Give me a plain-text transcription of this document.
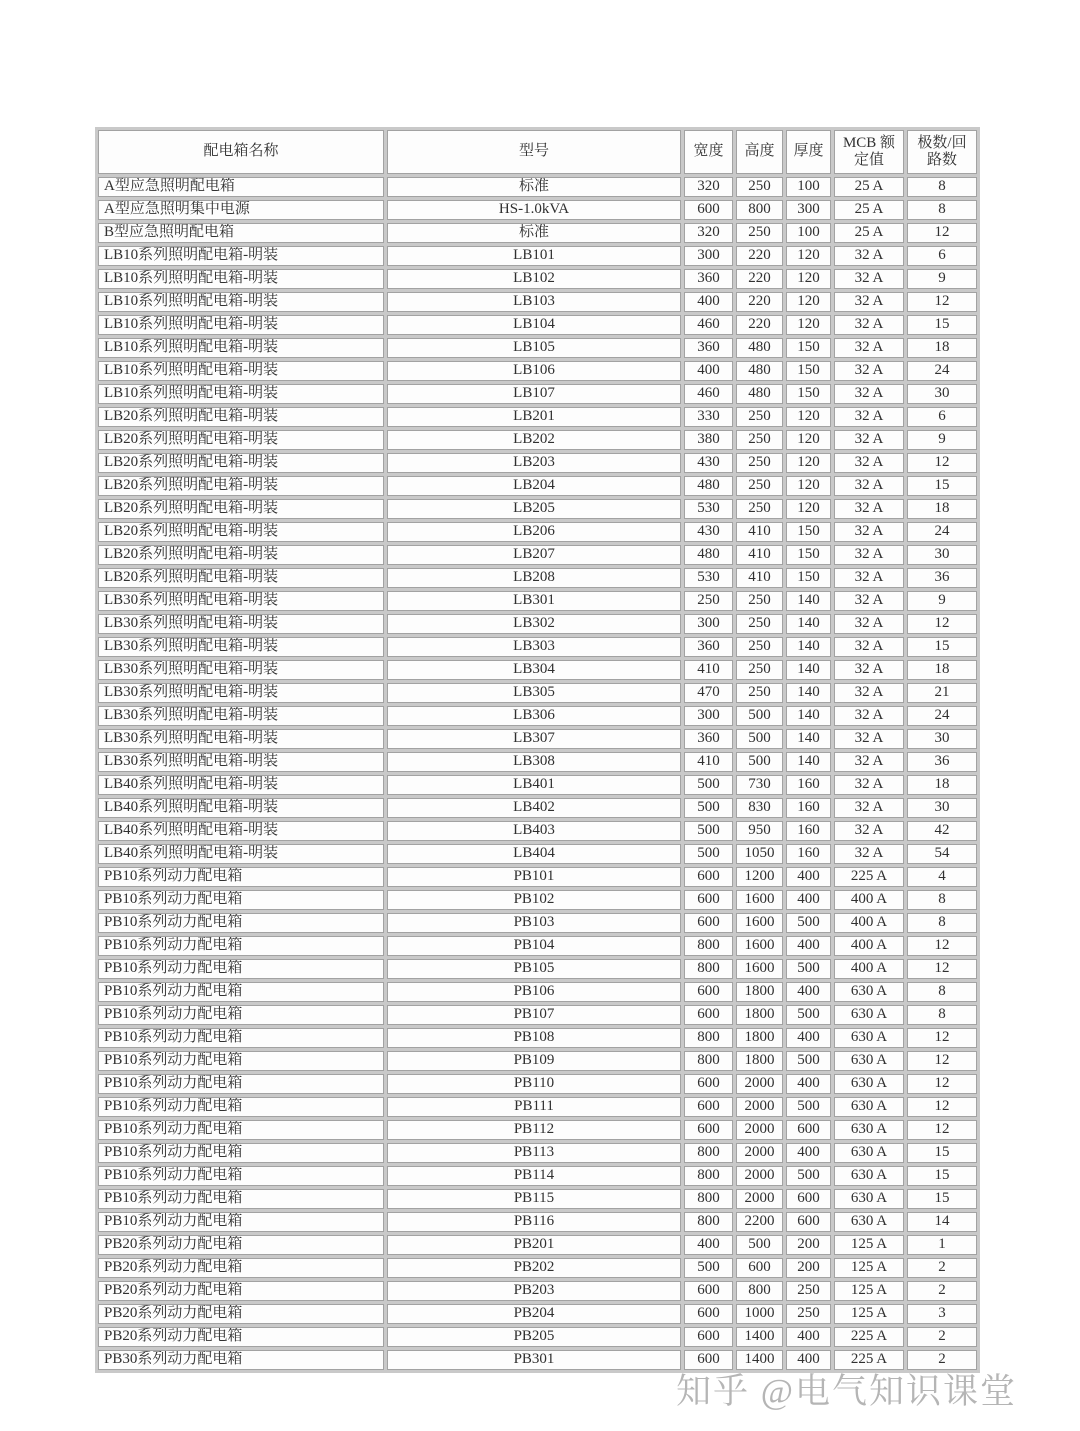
配电箱名称	型号	宽度	高度	厚度	MCB 额定值	极数/回路数
A型应急照明配电箱	标准	320	250	100	25 A	8
A型应急照明集中电源	HS-1.0kVA	600	800	300	25 A	8
B型应急照明配电箱	标准	320	250	100	25 A	12
LB10系列照明配电箱-明装	LB101	300	220	120	32 A	6
LB10系列照明配电箱-明装	LB102	360	220	120	32 A	9
LB10系列照明配电箱-明装	LB103	400	220	120	32 A	12
LB10系列照明配电箱-明装	LB104	460	220	120	32 A	15
LB10系列照明配电箱-明装	LB105	360	480	150	32 A	18
LB10系列照明配电箱-明装	LB106	400	480	150	32 A	24
LB10系列照明配电箱-明装	LB107	460	480	150	32 A	30
LB20系列照明配电箱-明装	LB201	330	250	120	32 A	6
LB20系列照明配电箱-明装	LB202	380	250	120	32 A	9
LB20系列照明配电箱-明装	LB203	430	250	120	32 A	12
LB20系列照明配电箱-明装	LB204	480	250	120	32 A	15
LB20系列照明配电箱-明装	LB205	530	250	120	32 A	18
LB20系列照明配电箱-明装	LB206	430	410	150	32 A	24
LB20系列照明配电箱-明装	LB207	480	410	150	32 A	30
LB20系列照明配电箱-明装	LB208	530	410	150	32 A	36
LB30系列照明配电箱-明装	LB301	250	250	140	32 A	9
LB30系列照明配电箱-明装	LB302	300	250	140	32 A	12
LB30系列照明配电箱-明装	LB303	360	250	140	32 A	15
LB30系列照明配电箱-明装	LB304	410	250	140	32 A	18
LB30系列照明配电箱-明装	LB305	470	250	140	32 A	21
LB30系列照明配电箱-明装	LB306	300	500	140	32 A	24
LB30系列照明配电箱-明装	LB307	360	500	140	32 A	30
LB30系列照明配电箱-明装	LB308	410	500	140	32 A	36
LB40系列照明配电箱-明装	LB401	500	730	160	32 A	18
LB40系列照明配电箱-明装	LB402	500	830	160	32 A	30
LB40系列照明配电箱-明装	LB403	500	950	160	32 A	42
LB40系列照明配电箱-明装	LB404	500	1050	160	32 A	54
PB10系列动力配电箱	PB101	600	1200	400	225 A	4
PB10系列动力配电箱	PB102	600	1600	400	400 A	8
PB10系列动力配电箱	PB103	600	1600	500	400 A	8
PB10系列动力配电箱	PB104	800	1600	400	400 A	12
PB10系列动力配电箱	PB105	800	1600	500	400 A	12
PB10系列动力配电箱	PB106	600	1800	400	630 A	8
PB10系列动力配电箱	PB107	600	1800	500	630 A	8
PB10系列动力配电箱	PB108	800	1800	400	630 A	12
PB10系列动力配电箱	PB109	800	1800	500	630 A	12
PB10系列动力配电箱	PB110	600	2000	400	630 A	12
PB10系列动力配电箱	PB111	600	2000	500	630 A	12
PB10系列动力配电箱	PB112	600	2000	600	630 A	12
PB10系列动力配电箱	PB113	800	2000	400	630 A	15
PB10系列动力配电箱	PB114	800	2000	500	630 A	15
PB10系列动力配电箱	PB115	800	2000	600	630 A	15
PB10系列动力配电箱	PB116	800	2200	600	630 A	14
PB20系列动力配电箱	PB201	400	500	200	125 A	1
PB20系列动力配电箱	PB202	500	600	200	125 A	2
PB20系列动力配电箱	PB203	600	800	250	125 A	2
PB20系列动力配电箱	PB204	600	1000	250	125 A	3
PB20系列动力配电箱	PB205	600	1400	400	225 A	2
PB30系列动力配电箱	PB301	600	1400	400	225 A	2
知乎 @电气知识课堂
